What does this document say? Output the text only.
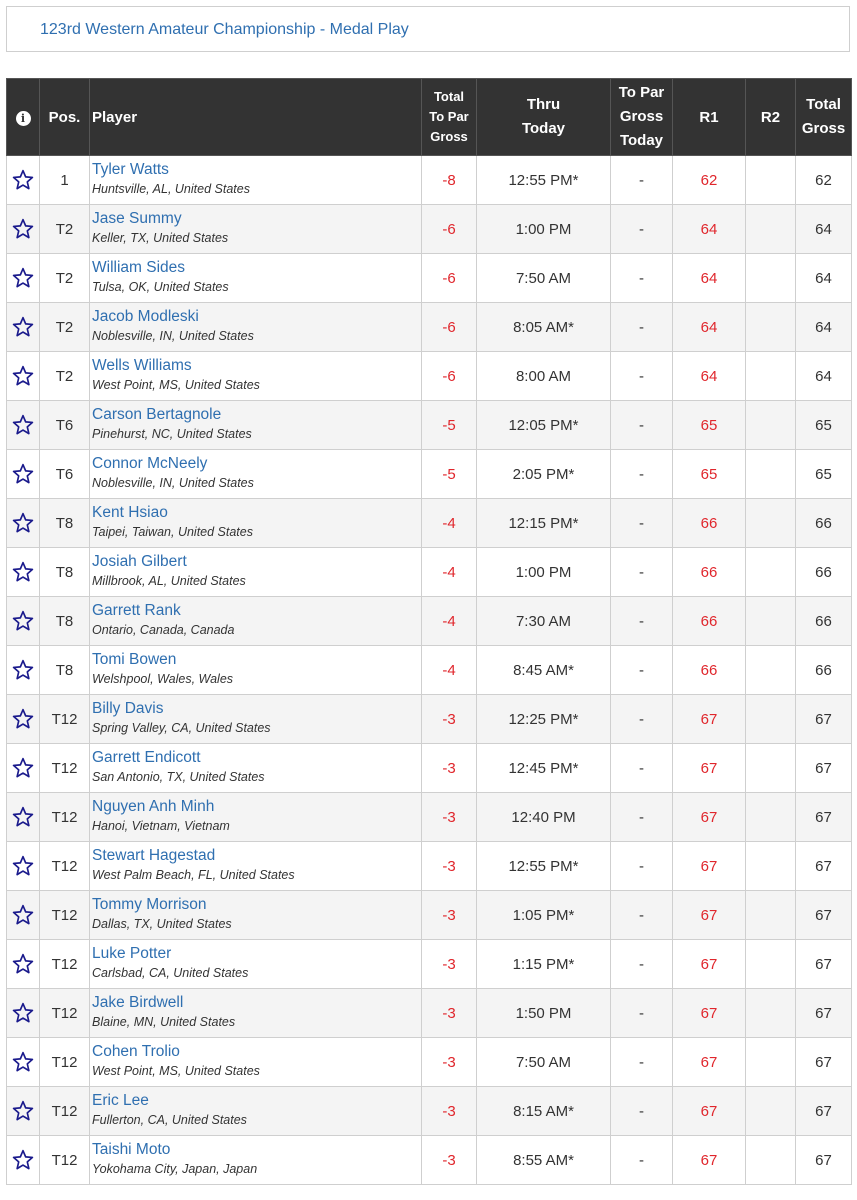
123rd Western Amateur Championship - Medal Play
i	Pos.	Player	Total
To Par
Gross	Thru
Today	To Par
Gross
Today	R1	R2	Total
Gross

	1	Tyler Watts
Huntsville, AL, United States	-8	12:55 PM*	-	62		62

	T2	Jase Summy
Keller, TX, United States	-6	1:00 PM	-	64		64

	T2	William Sides
Tulsa, OK, United States	-6	7:50 AM	-	64		64

	T2	Jacob Modleski
Noblesville, IN, United States	-6	8:05 AM*	-	64		64

	T2	Wells Williams
West Point, MS, United States	-6	8:00 AM	-	64		64

	T6	Carson Bertagnole
Pinehurst, NC, United States	-5	12:05 PM*	-	65		65

	T6	Connor McNeely
Noblesville, IN, United States	-5	2:05 PM*	-	65		65

	T8	Kent Hsiao
Taipei, Taiwan, United States	-4	12:15 PM*	-	66		66

	T8	Josiah Gilbert
Millbrook, AL, United States	-4	1:00 PM	-	66		66

	T8	Garrett Rank
Ontario, Canada, Canada	-4	7:30 AM	-	66		66

	T8	Tomi Bowen
Welshpool, Wales, Wales	-4	8:45 AM*	-	66		66

	T12	Billy Davis
Spring Valley, CA, United States	-3	12:25 PM*	-	67		67

	T12	Garrett Endicott
San Antonio, TX, United States	-3	12:45 PM*	-	67		67

	T12	Nguyen Anh Minh
Hanoi, Vietnam, Vietnam	-3	12:40 PM	-	67		67

	T12	Stewart Hagestad
West Palm Beach, FL, United States	-3	12:55 PM*	-	67		67

	T12	Tommy Morrison
Dallas, TX, United States	-3	1:05 PM*	-	67		67

	T12	Luke Potter
Carlsbad, CA, United States	-3	1:15 PM*	-	67		67

	T12	Jake Birdwell
Blaine, MN, United States	-3	1:50 PM	-	67		67

	T12	Cohen Trolio
West Point, MS, United States	-3	7:50 AM	-	67		67

	T12	Eric Lee
Fullerton, CA, United States	-3	8:15 AM*	-	67		67

	T12	Taishi Moto
Yokohama City, Japan, Japan	-3	8:55 AM*	-	67		67
